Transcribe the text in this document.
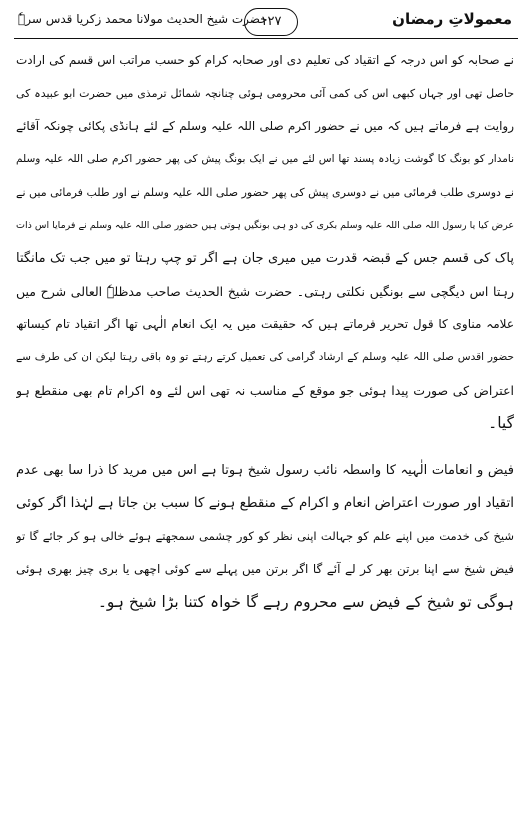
معمولاتِ رمضان
۱۲۷
حضرت شیخ الحدیث مولانا محمد زکریا قدس سرہٗ
نے صحابہ کو اس درجہ کے اتقیاد کی تعلیم دی اور صحابہ کرام کو حسب مراتب اس قسم کی ارادت
حاصل تھی اور جہاں کبھی اس کی کمی آئی محرومی ہوئی چنانچہ شمائل ترمذی میں حضرت ابو عبیدہ کی
روایت ہے فرماتے ہیں کہ میں نے حضور اکرم صلی اللہ علیہ وسلم کے لئے ہانڈی پکائی چونکہ آقائے
نامدار کو بونگ کا گوشت زیادہ پسند تھا اس لئے میں نے ایک بونگ پیش کی پھر حضور اکرم صلی اللہ علیہ وسلم
نے دوسری طلب فرمائی میں نے دوسری پیش کی پھر حضور صلی اللہ علیہ وسلم نے اور طلب فرمائی میں نے
عرض کیا یا رسول اللہ صلی اللہ علیہ وسلم بکری کی دو ہی بونگیں ہوتی ہیں حضور صلی اللہ علیہ وسلم نے فرمایا اس ذات
پاک کی قسم جس کے قبضہ قدرت میں میری جان ہے اگر تو چپ رہتا تو میں جب تک مانگتا
رہتا اس دیگچی سے بونگیں نکلتی رہتی۔ حضرت شیخ الحدیث صاحب مدظلہٗ العالی شرح میں
علامہ مناوی کا قول تحریر فرماتے ہیں کہ حقیقت میں یہ ایک انعام الٰہی تھا اگر اتقیاد تام کیساتھ
حضور اقدس صلی اللہ علیہ وسلم کے ارشاد گرامی کی تعمیل کرتے رہتے تو وہ باقی رہتا لیکن ان کی طرف سے
اعتراض کی صورت پیدا ہوئی جو موقع کے مناسب نہ تھی اس لئے وہ اکرام تام بھی منقطع ہو
گیا۔
فیض و انعامات الٰہیہ کا واسطہ نائب رسول شیخ ہوتا ہے اس میں مرید کا ذرا سا بھی عدم
اتقیاد اور صورت اعتراض انعام و اکرام کے منقطع ہونے کا سبب بن جاتا ہے لہٰذا اگر کوئی
شیخ کی خدمت میں اپنے علم کو جہالت اپنی نظر کو کور چشمی سمجھتے ہوئے خالی ہو کر جائے گا تو
فیض شیخ سے اپنا برتن بھر کر لے آئے گا اگر برتن میں پہلے سے کوئی اچھی یا بری چیز بھری ہوئی
ہوگی تو شیخ کے فیض سے محروم رہے گا خواہ کتنا بڑا شیخ ہو۔
